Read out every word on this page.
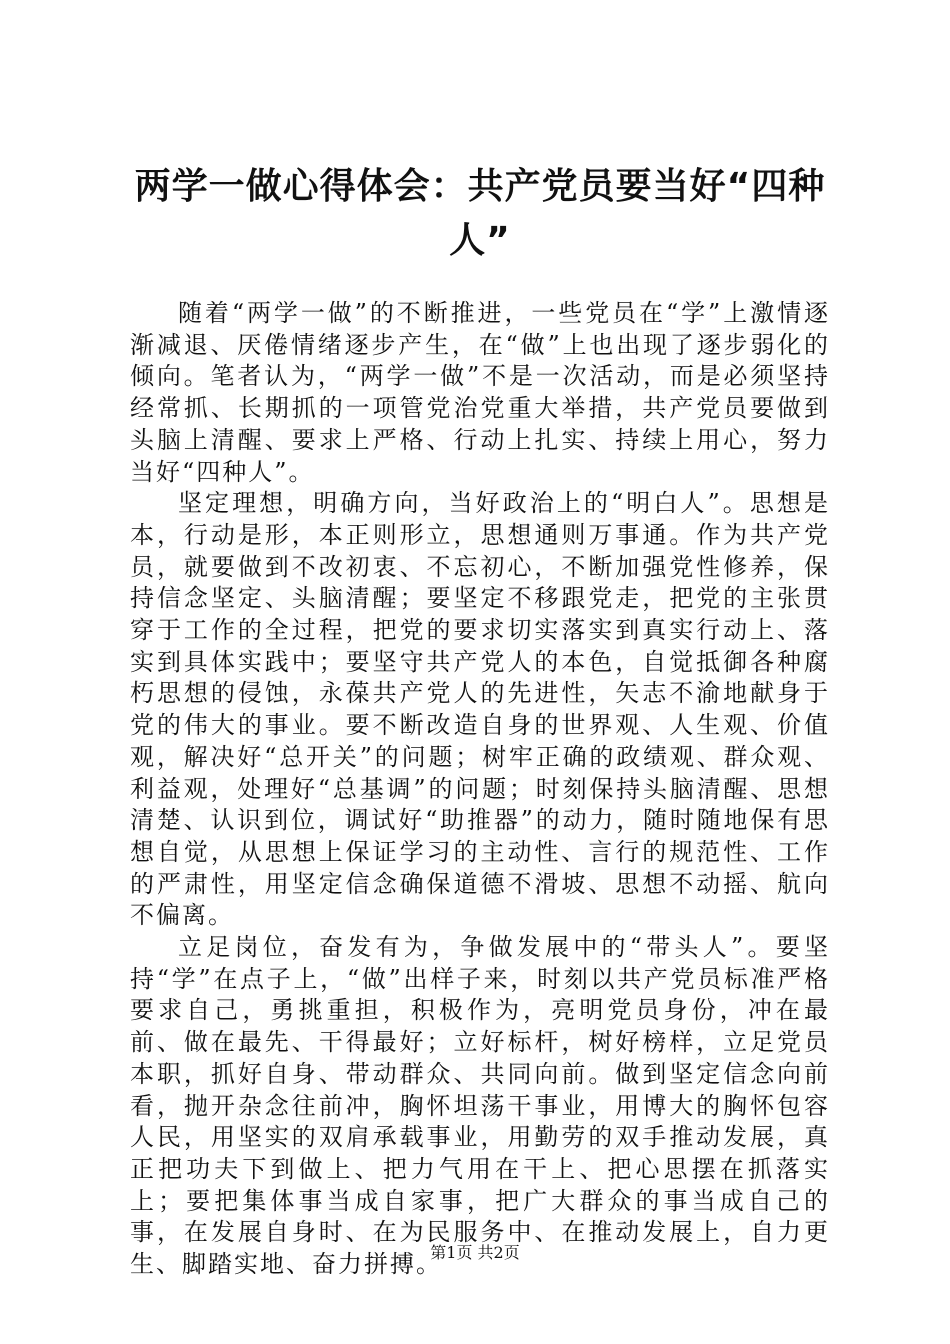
两学一做心得体会：共产党员要当好“四种人”

随着“两学一做”的不断推进，一些党员在“学”上激情逐渐减退、厌倦情绪逐步产生，在“做”上也出现了逐步弱化的倾向。笔者认为，“两学一做”不是一次活动，而是必须坚持经常抓、长期抓的一项管党治党重大举措，共产党员要做到头脑上清醒、要求上严格、行动上扎实、持续上用心，努力当好“四种人”。

坚定理想，明确方向，当好政治上的“明白人”。思想是本，行动是形，本正则形立，思想通则万事通。作为共产党员，就要做到不改初衷、不忘初心，不断加强党性修养，保持信念坚定、头脑清醒；要坚定不移跟党走，把党的主张贯穿于工作的全过程，把党的要求切实落实到真实行动上、落实到具体实践中；要坚守共产党人的本色，自觉抵御各种腐朽思想的侵蚀，永葆共产党人的先进性，矢志不渝地献身于党的伟大的事业。要不断改造自身的世界观、人生观、价值观，解决好“总开关”的问题；树牢正确的政绩观、群众观、利益观，处理好“总基调”的问题；时刻保持头脑清醒、思想清楚、认识到位，调试好“助推器”的动力，随时随地保有思想自觉，从思想上保证学习的主动性、言行的规范性、工作的严肃性，用坚定信念确保道德不滑坡、思想不动摇、航向不偏离。

立足岗位，奋发有为，争做发展中的“带头人”。要坚持“学”在点子上，“做”出样子来，时刻以共产党员标准严格要求自己，勇挑重担，积极作为，亮明党员身份，冲在最前、做在最先、干得最好；立好标杆，树好榜样，立足党员本职，抓好自身、带动群众、共同向前。做到坚定信念向前看，抛开杂念往前冲，胸怀坦荡干事业，用博大的胸怀包容人民，用坚实的双肩承载事业，用勤劳的双手推动发展，真正把功夫下到做上、把力气用在干上、把心思摆在抓落实上；要把集体事当成自家事，把广大群众的事当成自己的事，在发展自身时、在为民服务中、在推动发展上，自力更生、脚踏实地、奋力拼搏。

第1页 共2页
